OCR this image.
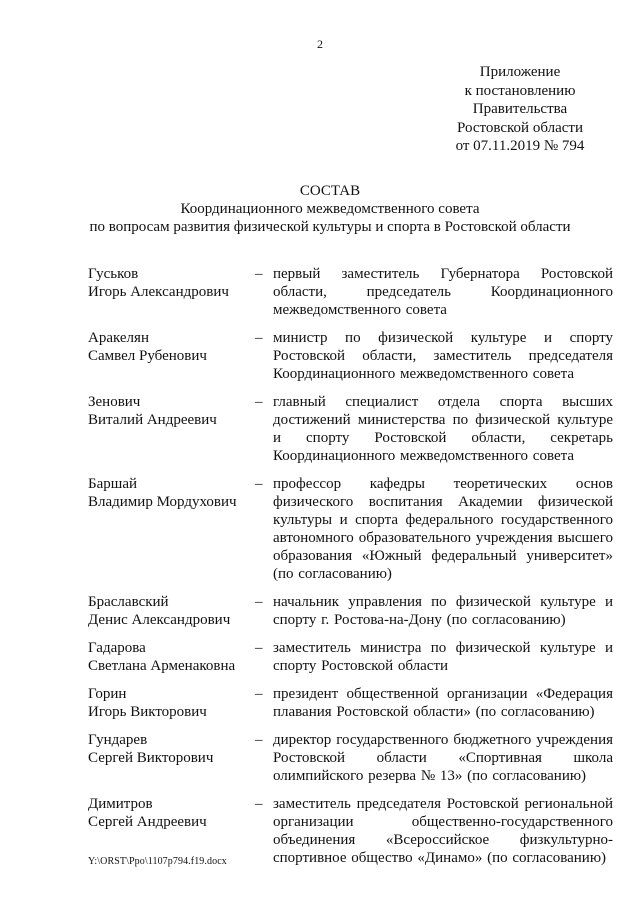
2
Приложение
к постановлению
Правительства
Ростовской области
от 07.11.2019 № 794
СОСТАВ
Координационного межведомственного совета
по вопросам развития физической культуры и спорта в Ростовской области
Гуськов
Игорь Александрович
– первый заместитель Губернатора Ростовской области, председатель Координационного межведомственного совета
Аракелян
Самвел Рубенович
– министр по физической культуре и спорту Ростовской области, заместитель председателя Координационного межведомственного совета
Зенович
Виталий Андреевич
– главный специалист отдела спорта высших достижений министерства по физической культуре и спорту Ростовской области, секретарь Координационного межведомственного совета
Баршай
Владимир Мордухович
– профессор кафедры теоретических основ физического воспитания Академии физической культуры и спорта федерального государственного автономного образовательного учреждения высшего образования «Южный федеральный университет» (по согласованию)
Браславский
Денис Александрович
– начальник управления по физической культуре и спорту г. Ростова-на-Дону (по согласованию)
Гадарова
Светлана Арменаковна
– заместитель министра по физической культуре и спорту Ростовской области
Горин
Игорь Викторович
– президент общественной организации «Федерация плавания Ростовской области» (по согласованию)
Гундарев
Сергей Викторович
– директор государственного бюджетного учреждения Ростовской области «Спортивная школа олимпийского резерва № 13» (по согласованию)
Димитров
Сергей Андреевич
– заместитель председателя Ростовской региональной организации общественно-государственного объединения «Всероссийское физкультурно-спортивное общество «Динамо» (по согласованию)
Y:\ORST\Ppo\1107p794.f19.docx
